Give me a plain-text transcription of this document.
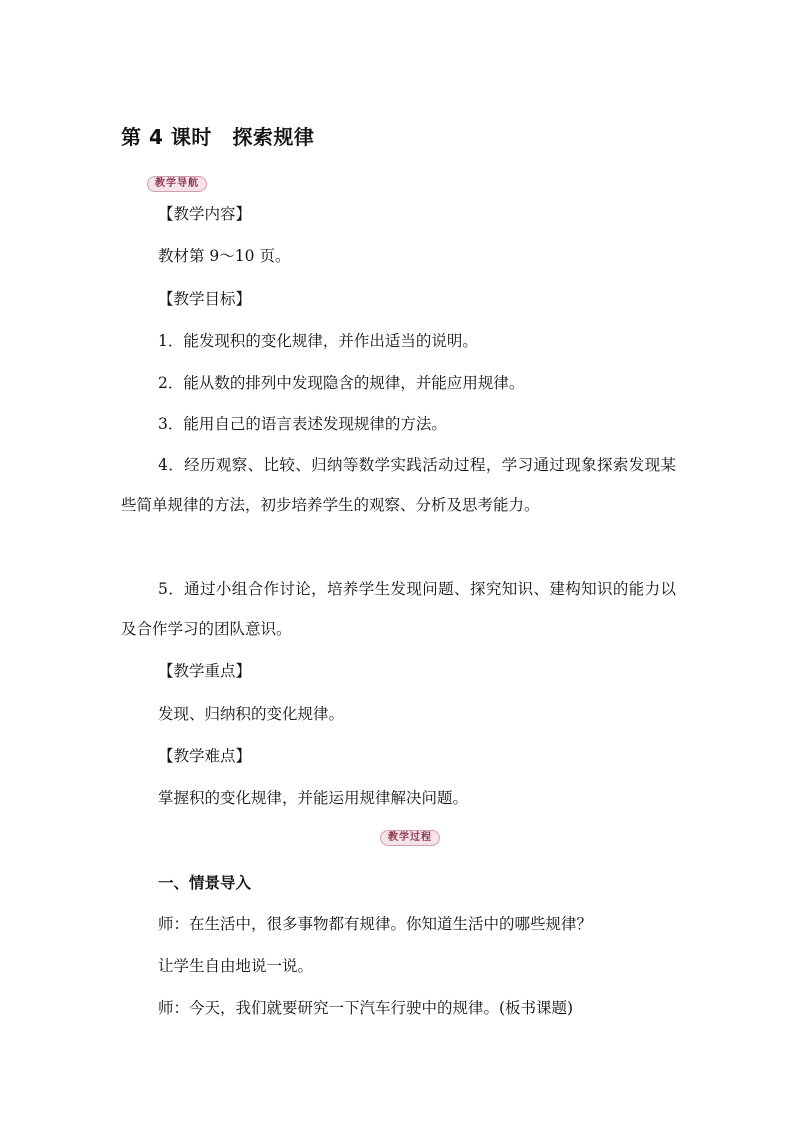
第 4 课时　探索规律
教学导航
【教学内容】
教材第 9～10 页。
【教学目标】
1．能发现积的变化规律，并作出适当的说明。
2．能从数的排列中发现隐含的规律，并能应用规律。
3．能用自己的语言表述发现规律的方法。
4．经历观察、比较、归纳等数学实践活动过程，学习通过现象探索发现某些简单规律的方法，初步培养学生的观察、分析及思考能力。
5．通过小组合作讨论，培养学生发现问题、探究知识、建构知识的能力以及合作学习的团队意识。
【教学重点】
发现、归纳积的变化规律。
【教学难点】
掌握积的变化规律，并能运用规律解决问题。
教学过程
一、情景导入
师：在生活中，很多事物都有规律。你知道生活中的哪些规律？
让学生自由地说一说。
师：今天，我们就要研究一下汽车行驶中的规律。(板书课题)
